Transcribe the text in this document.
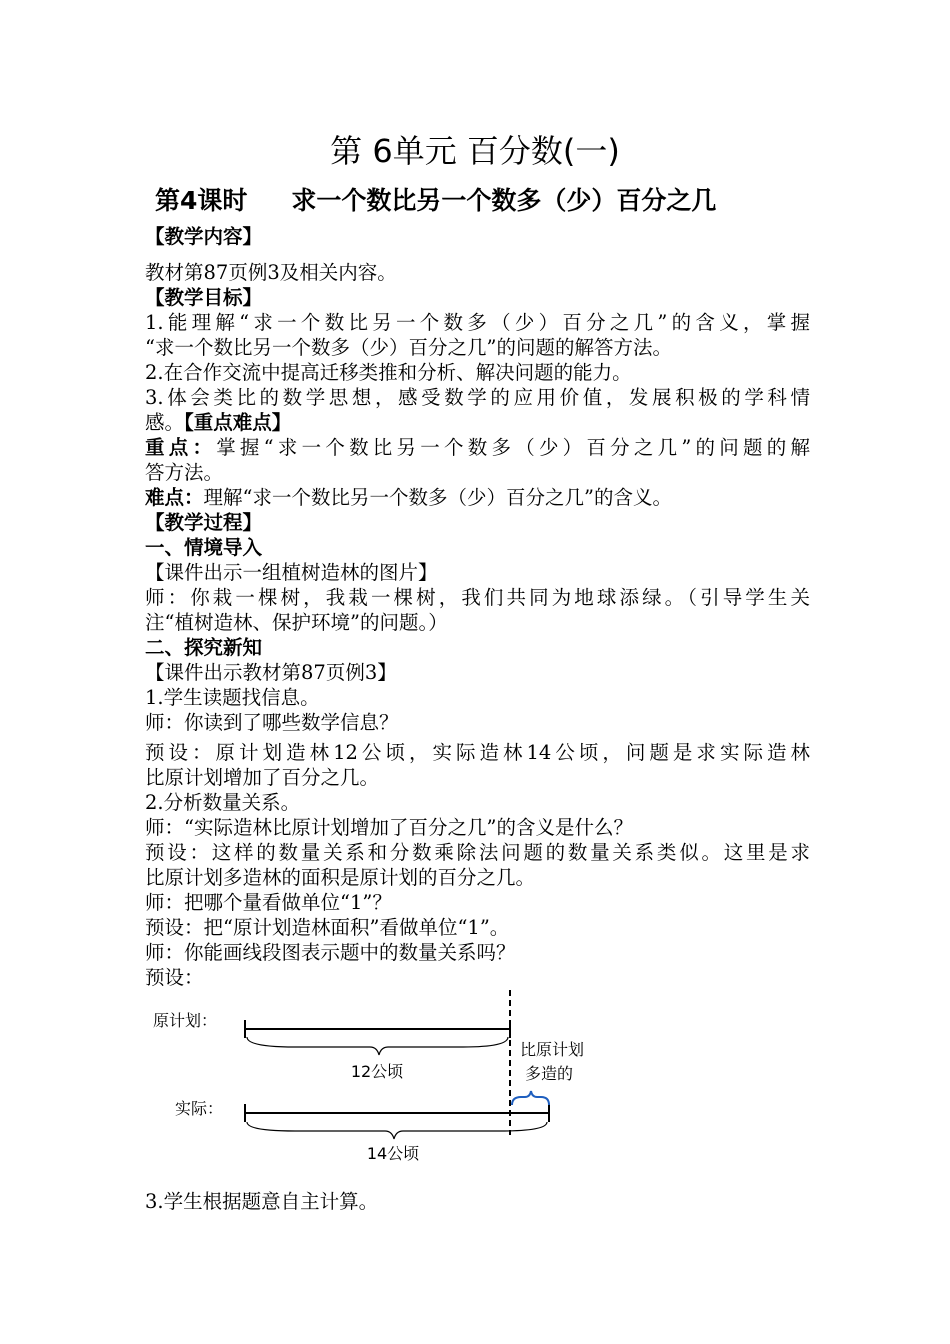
第 6单元 百分数(一)
第4课时 求一个数比另一个数多（少）百分之几
【教学内容】
教材第87页例3及相关内容。
【教学目标】
1.能理解“求一个数比另一个数多（少）百分之几”的含义，掌握
“求一个数比另一个数多（少）百分之几”的问题的解答方法。
2.在合作交流中提高迁移类推和分析、解决问题的能力。
3.体会类比的数学思想，感受数学的应用价值，发展积极的学科情
感。【重点难点】
重点：掌握“求一个数比另一个数多（少）百分之几”的问题的解
答方法。
难点：理解“求一个数比另一个数多（少）百分之几”的含义。
【教学过程】
一、情境导入
【课件出示一组植树造林的图片】
师：你栽一棵树，我栽一棵树，我们共同为地球添绿。（引导学生关
注“植树造林、保护环境”的问题。）
二、探究新知
【课件出示教材第87页例3】
1.学生读题找信息。
师：你读到了哪些数学信息？
预设：原计划造林12公顷，实际造林14公顷，问题是求实际造林
比原计划增加了百分之几。
2.分析数量关系。
师：“实际造林比原计划增加了百分之几”的含义是什么？
预设：这样的数量关系和分数乘除法问题的数量关系类似。这里是求
比原计划多造林的面积是原计划的百分之几。
师：把哪个量看做单位“1”？
预设：把“原计划造林面积”看做单位“1”。
师：你能画线段图表示题中的数量关系吗？
预设：
原计划：
12公顷
比原计划
多造的
实际：
14公顷
3.学生根据题意自主计算。
